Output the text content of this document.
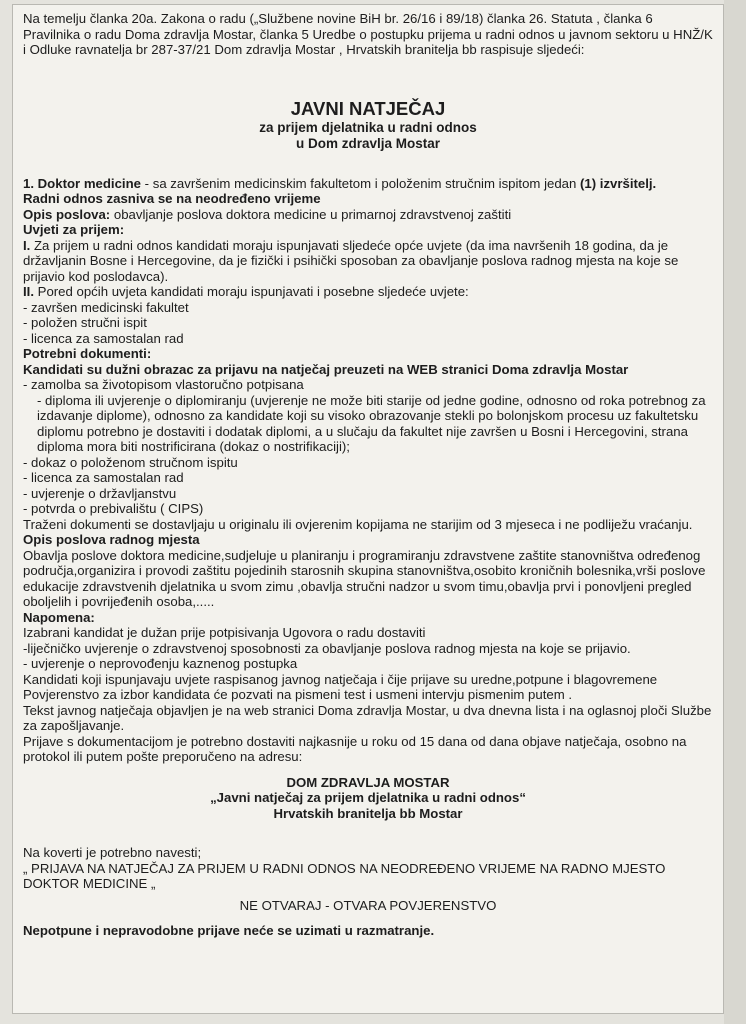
Na temelju članka 20a. Zakona o radu („Službene novine BiH br. 26/16 i 89/18) članka 26. Statuta , članka 6 Pravilnika o radu Doma zdravlja Mostar, članka 5 Uredbe o postupku prijema u radni odnos u javnom sektoru u HNŽ/K i Odluke ravnatelja br 287-37/21 Dom zdravlja Mostar , Hrvatskih branitelja bb raspisuje sljedeći:

JAVNI NATJEČAJ
za prijem djelatnika u radni odnos
u Dom zdravlja Mostar

1. Doktor medicine - sa završenim medicinskim fakultetom i položenim stručnim ispitom jedan (1) izvršitelj.

Radni odnos zasniva se na neodređeno vrijeme

Opis poslova: obavljanje poslova doktora medicine u primarnoj zdravstvenoj zaštiti

Uvjeti za prijem:

I. Za prijem u radni odnos kandidati moraju ispunjavati sljedeće opće uvjete (da ima navršenih 18 godina, da je državljanin Bosne i Hercegovine, da je fizički i psihički sposoban za obavljanje poslova radnog mjesta na koje se prijavio kod poslodavca).

II. Pored općih uvjeta kandidati moraju ispunjavati i posebne sljedeće uvjete:

- završen medicinski fakultet

- položen stručni ispit

- licenca za samostalan rad

Potrebni dokumenti:

Kandidati su dužni obrazac za prijavu na natječaj preuzeti na WEB stranici Doma zdravlja Mostar

- zamolba sa životopisom vlastoručno potpisana

- diploma ili uvjerenje o diplomiranju (uvjerenje ne može biti starije od jedne godine, odnosno od roka potrebnog za izdavanje diplome), odnosno za kandidate koji su visoko obrazovanje stekli po bolonjskom procesu uz fakultetsku diplomu potrebno je dostaviti i dodatak diplomi, a u slučaju da fakultet nije završen u Bosni i Hercegovini, strana diploma mora biti nostrificirana (dokaz o nostrifikaciji);

- dokaz o položenom stručnom ispitu

- licenca za samostalan rad

- uvjerenje o državljanstvu

- potvrda o prebivalištu ( CIPS)

Traženi dokumenti se dostavljaju u originalu ili ovjerenim kopijama ne starijim od 3 mjeseca i ne podliježu vraćanju.

Opis poslova radnog mjesta

Obavlja poslove doktora medicine,sudjeluje u planiranju i programiranju zdravstvene zaštite stanovništva određenog područja,organizira i provodi zaštitu pojedinih starosnih skupina stanovništva,osobito kroničnih bolesnika,vrši poslove edukacije zdravstvenih djelatnika u svom zimu ,obavlja stručni nadzor u svom timu,obavlja prvi i ponovljeni pregled oboljelih i povrijeđenih osoba,.....

Napomena:

Izabrani kandidat je dužan prije potpisivanja Ugovora o radu dostaviti

-liječničko uvjerenje o zdravstvenoj sposobnosti za obavljanje poslova radnog mjesta na koje se prijavio.

- uvjerenje o neprovođenju kaznenog postupka

Kandidati koji ispunjavaju uvjete raspisanog javnog natječaja i čije prijave su uredne,potpune i blagovremene Povjerenstvo za izbor kandidata će pozvati na pismeni test i usmeni intervju pismenim putem .

Tekst javnog natječaja objavljen je na web stranici Doma zdravlja Mostar, u dva dnevna lista i na oglasnoj ploči Službe za zapošljavanje.

Prijave s dokumentacijom je potrebno dostaviti najkasnije u roku od 15 dana od dana objave natječaja, osobno na protokol ili putem pošte preporučeno na adresu:

DOM ZDRAVLJA MOSTAR

„Javni natječaj za prijem djelatnika u radni odnos“

Hrvatskih branitelja bb Mostar

Na koverti je potrebno navesti;

„ PRIJAVA NA NATJEČAJ ZA PRIJEM U RADNI ODNOS NA NEODREĐENO VRIJEME NA RADNO MJESTO DOKTOR MEDICINE „

NE OTVARAJ - OTVARA POVJERENSTVO

Nepotpune i nepravodobne prijave neće se uzimati u razmatranje.
